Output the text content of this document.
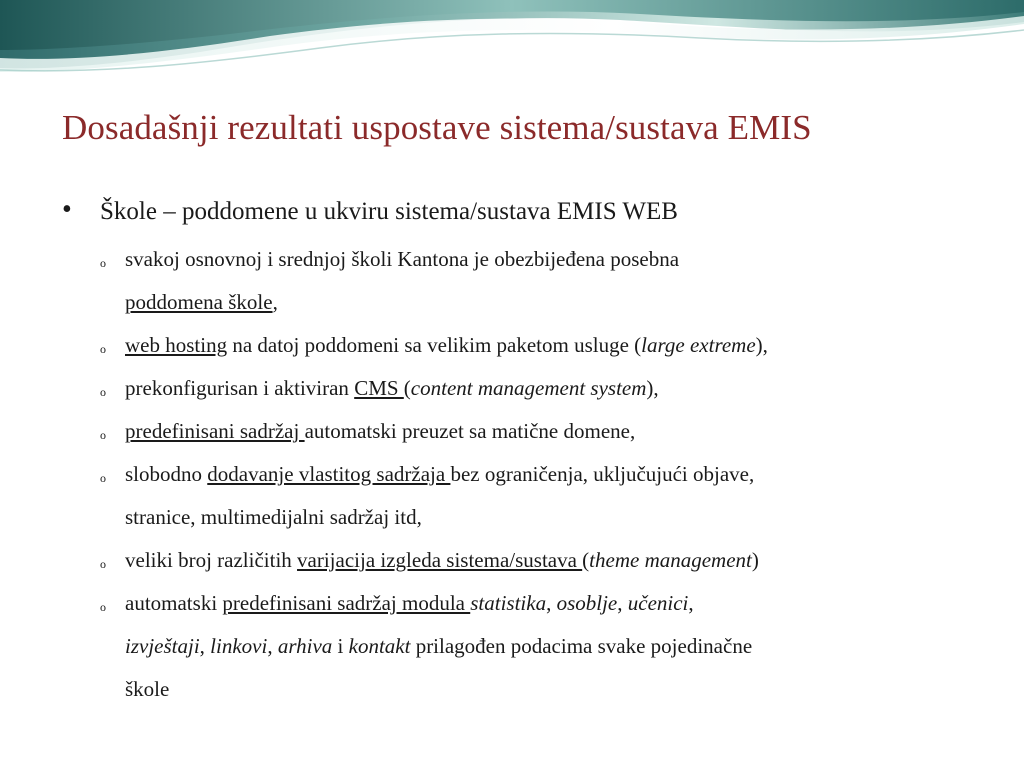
Dosadašnji rezultati uspostave sistema/sustava EMIS
• Škole – poddomene u ukviru sistema/sustava EMIS WEB
o svakoj osnovnoj i srednjoj školi Kantona je obezbijeđena posebna
poddomena škole,
o web hosting na datoj poddomeni sa velikim paketom usluge (large extreme),
o prekonfigurisan i aktiviran CMS (content management system),
o predefinisani sadržaj automatski preuzet sa matične domene,
o slobodno dodavanje vlastitog sadržaja bez ograničenja, uključujući objave,
stranice, multimedijalni sadržaj itd,
o veliki broj različitih varijacija izgleda sistema/sustava (theme management)
o automatski predefinisani sadržaj modula statistika, osoblje, učenici,
izvještaji, linkovi, arhiva i kontakt prilagođen podacima svake pojedinačne
škole
